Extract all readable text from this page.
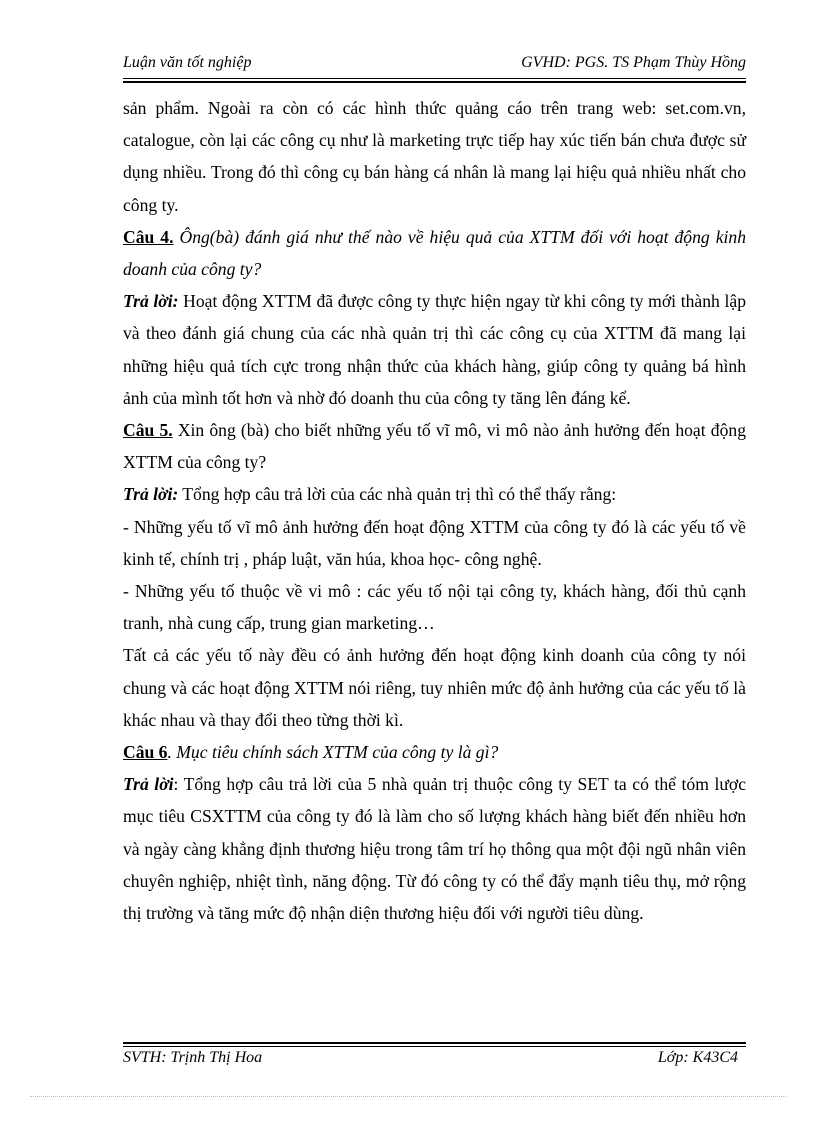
Luận văn tốt nghiệp	GVHD: PGS. TS Phạm Thùy Hồng

sản phẩm. Ngoài ra còn có các hình thức quảng cáo trên trang web: set.com.vn, catalogue, còn lại các công cụ như là marketing trực tiếp hay xúc tiến bán chưa được sử dụng nhiều. Trong đó thì công cụ bán hàng cá nhân là mang lại hiệu quả nhiều nhất cho công ty.

Câu 4. Ông(bà) đánh giá như thế nào về hiệu quả của XTTM đối với hoạt động kinh doanh của công ty?

Trả lời: Hoạt động XTTM đã được công ty thực hiện ngay từ khi công ty mới thành lập và theo đánh giá chung của các nhà quản trị thì các công cụ của XTTM đã mang lại những hiệu quả tích cực trong nhận thức của khách hàng, giúp công ty quảng bá hình ảnh của mình tốt hơn và nhờ đó doanh thu của công ty tăng lên đáng kể.

Câu 5. Xin ông (bà) cho biết những yếu tố vĩ mô, vi mô nào ảnh hưởng đến hoạt động XTTM của công ty?

Trả lời: Tổng hợp câu trả lời của các nhà quản trị thì có thể thấy rằng:

- Những yếu tố vĩ mô ảnh hưởng đến hoạt động XTTM của công ty đó là các yếu tố về kinh tế, chính trị , pháp luật, văn húa, khoa học- công nghệ.

- Những yếu tố thuộc về vi mô : các yếu tố nội tại công ty, khách hàng, đối thủ cạnh tranh, nhà cung cấp, trung gian marketing…

Tất cả các yếu tố này đều có ảnh hưởng đến hoạt động kinh doanh của công ty nói chung và các hoạt động XTTM nói riêng, tuy nhiên mức độ ảnh hưởng của các yếu tố là khác nhau và thay đổi theo từng thời kì.

Câu 6. Mục tiêu chính sách XTTM của công ty là gì?

Trả lời: Tổng hợp câu trả lời của 5 nhà quản trị thuộc công ty SET ta có thể tóm lược mục tiêu CSXTTM của công ty đó là làm cho số lượng khách hàng biết đến nhiều hơn và ngày càng khẳng định thương hiệu trong tâm trí họ thông qua một đội ngũ nhân viên chuyên nghiệp, nhiệt tình, năng động. Từ đó công ty có thể đẩy mạnh tiêu thụ, mở rộng thị trường và tăng mức độ nhận diện thương hiệu đối với người tiêu dùng.

SVTH: Trịnh Thị Hoa	Lớp: K43C4
